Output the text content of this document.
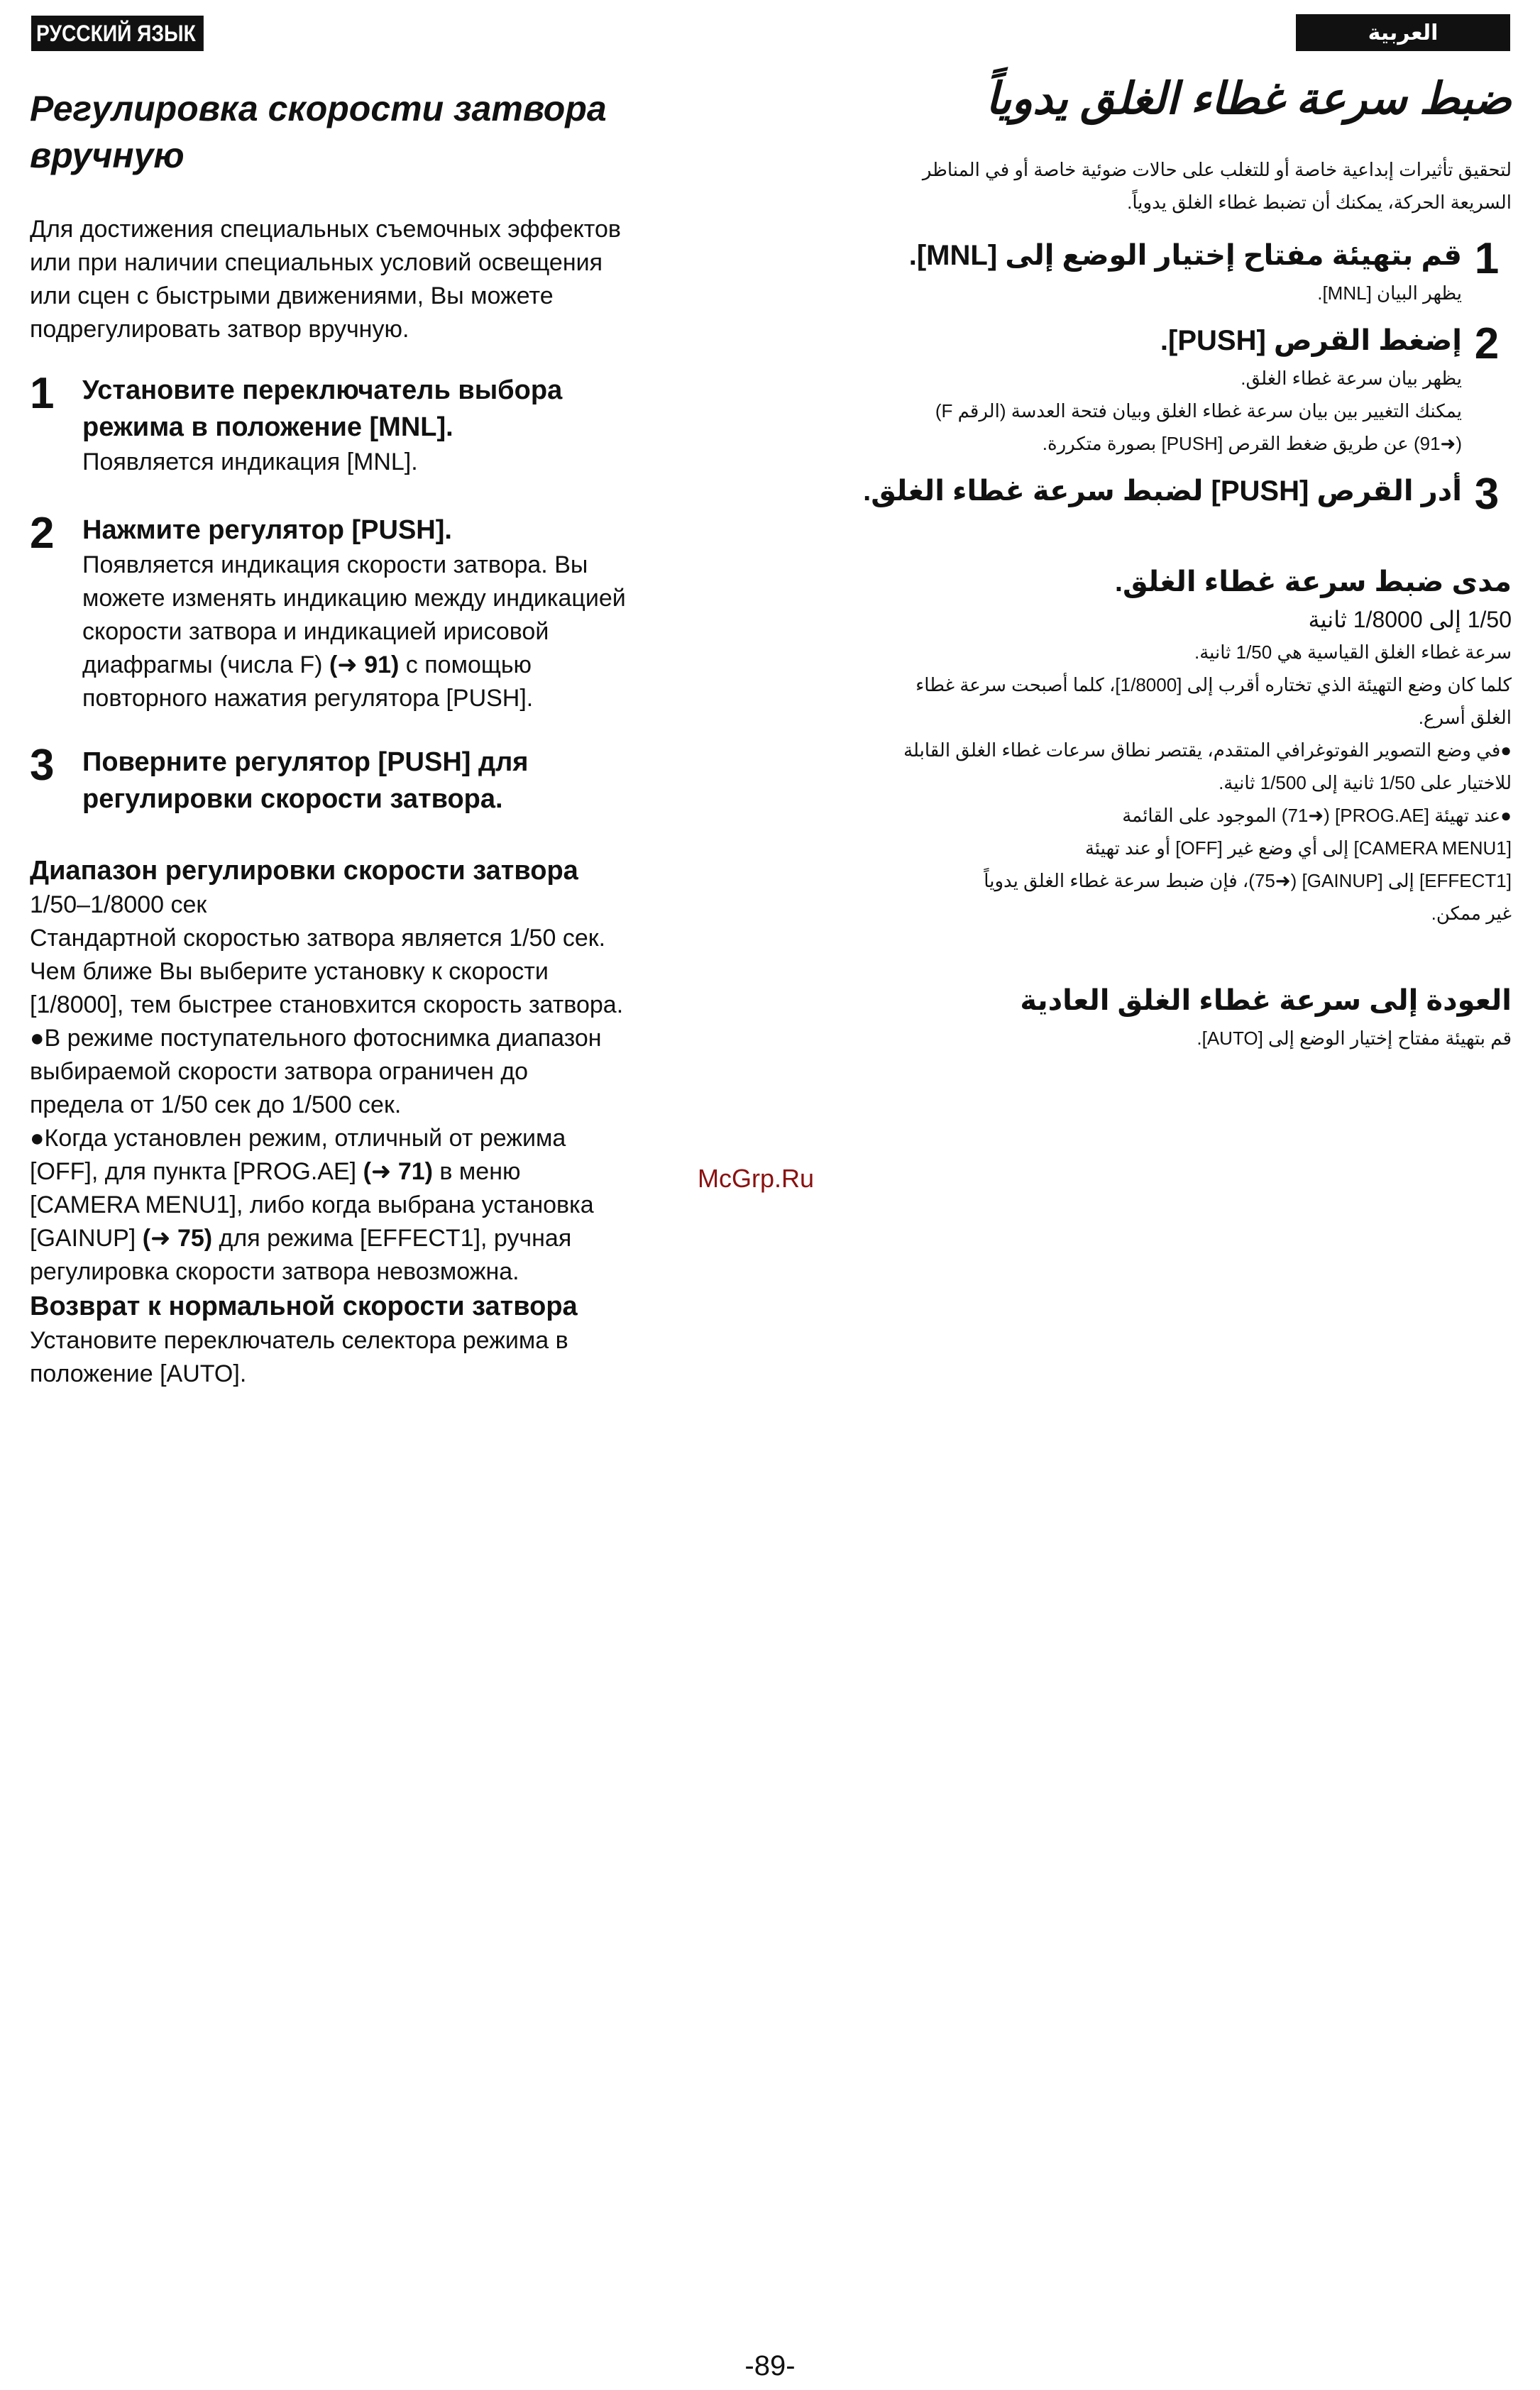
РУССКИЙ ЯЗЫК	العربية
Регулировка скорости затвора
вручную

Для достижения специальных съемочных эффектов

или при наличии специальных условий освещения

или сцен с быстрыми движениями, Вы можете

подрегулировать затвор вручную.

1	Установите переключатель выбора

режима в положение [MNL].

Появляется индикация [MNL].

2	Нажмите регулятор [PUSH].

Появляется индикация скорости затвора. Вы

можете изменять индикацию между индикацией

скорости затвора и индикацией ирисовой

диафрагмы (числа F) (➜ 91) с помощью

повторного нажатия регулятора [PUSH].

3	Поверните регулятор [PUSH] для

регулировки скорости затвора.

Диапазон регулировки скорости затвора

1/50–1/8000 сек

Стандартной скоростью затвора является 1/50 сек.

Чем ближе Вы выберите установку к скорости

[1/8000], тем быстрее становхится скорость затвора.

●В режиме поступательного фотоснимка диапазон

выбираемой скорости затвора ограничен до

предела от 1/50 сек до 1/500 сек.

●Когда установлен режим, отличный от режима

[OFF], для пункта [PROG.AE] (➜ 71) в меню

[CAMERA MENU1], либо когда выбрана установка

[GAINUP] (➜ 75) для режима [EFFECT1], ручная

регулировка скорости затвора невозможна.

Возврат к нормальной скорости затвора

Установите переключатель селектора режима в

положение [AUTO].

ضبط سرعة غطاء الغلق يدوياً

لتحقيق تأثيرات إبداعية خاصة أو للتغلب على حالات ضوئية خاصة أو في المناظر

السريعة الحركة، يمكنك أن تضبط غطاء الغلق يدوياً.

1

قم بتهيئة مفتاح إختيار الوضع إلى [MNL].

يظهر البيان [MNL].

2

إضغط القرص [PUSH].

يظهر بيان سرعة غطاء الغلق.

يمكنك التغيير بين بيان سرعة غطاء الغلق وبيان فتحة العدسة (الرقم F)

(➜91) عن طريق ضغط القرص [PUSH] بصورة متكررة.

3

أدر القرص [PUSH] لضبط سرعة غطاء الغلق.

مدى ضبط سرعة غطاء الغلق.

1/50 إلى 1/8000 ثانية

سرعة غطاء الغلق القياسية هي 1/50 ثانية.

كلما كان وضع التهيئة الذي تختاره أقرب إلى [1/8000]، كلما أصبحت سرعة غطاء

الغلق أسرع.

●في وضع التصوير الفوتوغرافي المتقدم، يقتصر نطاق سرعات غطاء الغلق القابلة

للاختيار على 1/50 ثانية إلى 1/500 ثانية.

●عند تهيئة [PROG.AE] (➜71) الموجود على القائمة

[CAMERA MENU1] إلى أي وضع غير [OFF] أو عند تهيئة

[EFFECT1] إلى [GAINUP] (➜75)، فإن ضبط سرعة غطاء الغلق يدوياً

غير ممكن.

العودة إلى سرعة غطاء الغلق العادية

قم بتهيئة مفتاح إختيار الوضع إلى [AUTO].

McGrp.Ru
-89-
